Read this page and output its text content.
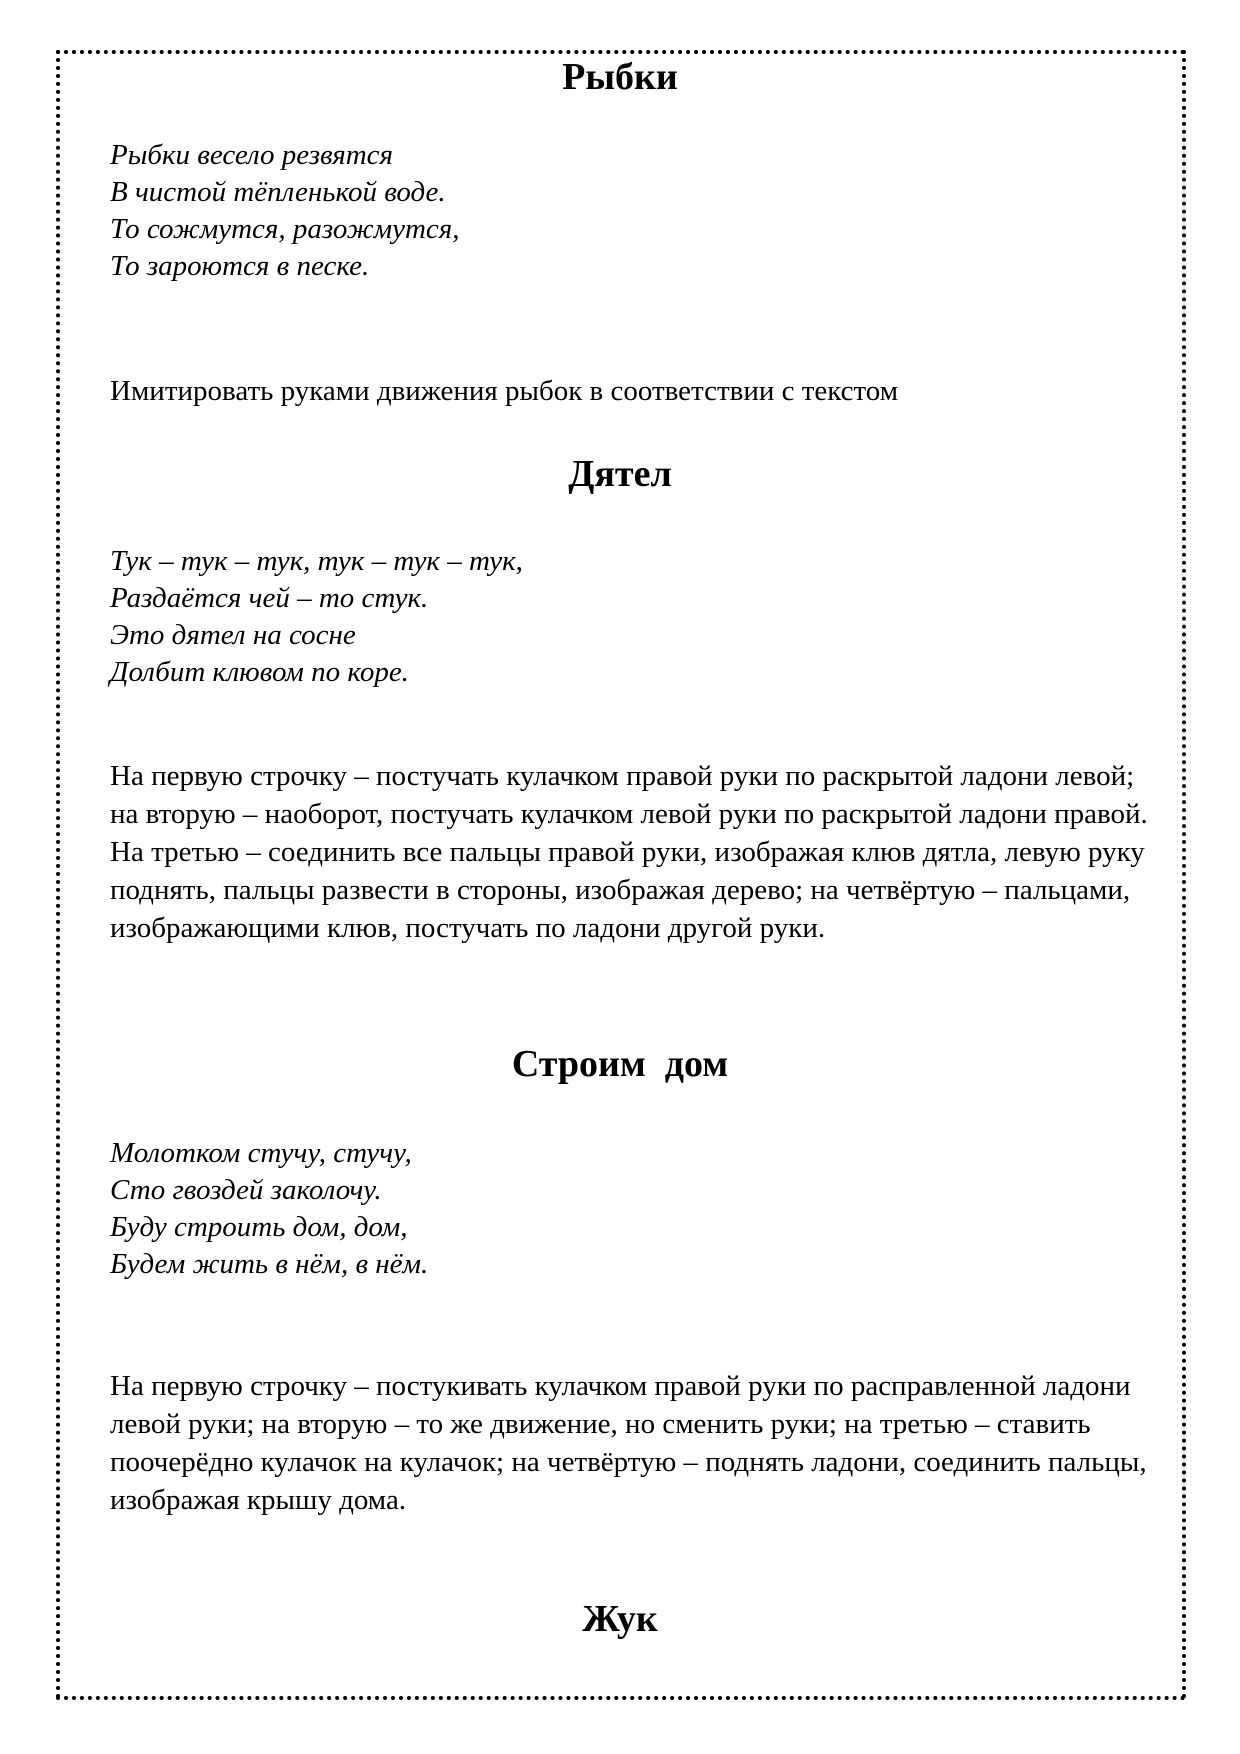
Рыбки
Рыбки весело резвятся
В чистой тёпленькой воде.
То сожмутся, разожмутся,
То зароются в песке.

Имитировать руками движения рыбок в соответствии с текстом

Дятел
Тук – тук – тук, тук – тук – тук,
Раздаётся чей – то стук.
Это дятел на сосне
Долбит клювом по коре.

На первую строчку – постучать кулачком правой руки по раскрытой ладони левой; на вторую – наоборот, постучать кулачком левой руки по раскрытой ладони правой. На третью – соединить все пальцы правой руки, изображая клюв дятла, левую руку поднять, пальцы развести в стороны, изображая дерево; на четвёртую – пальцами, изображающими клюв, постучать по ладони другой руки.

Строим  дом
Молотком стучу, стучу,
Сто гвоздей заколочу.
Буду строить дом, дом,
Будем жить в нём, в нём.

На первую строчку – постукивать кулачком правой руки по расправленной ладони левой руки; на вторую – то же движение, но сменить руки; на третью – ставить поочерёдно кулачок на кулачок; на четвёртую – поднять ладони, соединить пальцы, изображая крышу дома.

Жук
